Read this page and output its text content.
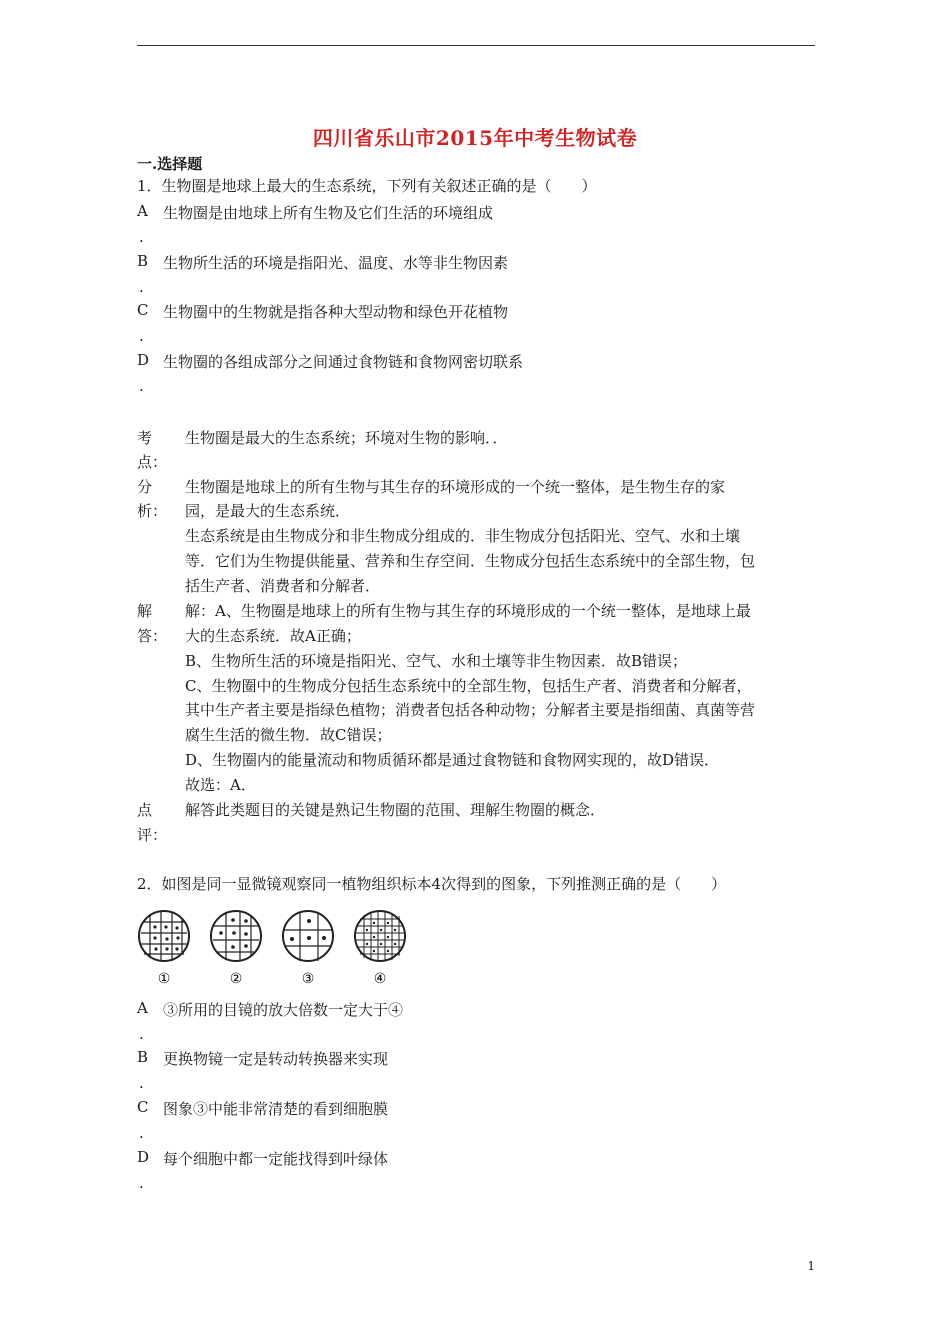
四川省乐山市2015年中考生物试卷
一.选择题
1．生物圈是地球上最大的生态系统，下列有关叙述正确的是（　　）
A 生物圈是由地球上所有生物及它们生活的环境组成
.
B 生物所生活的环境是指阳光、温度、水等非生物因素
.
C 生物圈中的生物就是指各种大型动物和绿色开花植物
.
D 生物圈的各组成部分之间通过食物链和食物网密切联系
.
考
点：
生物圈是最大的生态系统；环境对生物的影响．．
分
析：
生物圈是地球上的所有生物与其生存的环境形成的一个统一整体，是生物生存的家
园，是最大的生态系统．
生态系统是由生物成分和非生物成分组成的．非生物成分包括阳光、空气、水和土壤
等．它们为生物提供能量、营养和生存空间．生物成分包括生态系统中的全部生物，包
括生产者、消费者和分解者．
解
答：
解：A、生物圈是地球上的所有生物与其生存的环境形成的一个统一整体，是地球上最
大的生态系统．故A正确；
B、生物所生活的环境是指阳光、空气、水和土壤等非生物因素．故B错误；
C、生物圈中的生物成分包括生态系统中的全部生物，包括生产者、消费者和分解者，
其中生产者主要是指绿色植物；消费者包括各种动物；分解者主要是指细菌、真菌等营
腐生生活的微生物．故C错误；
D、生物圈内的能量流动和物质循环都是通过食物链和食物网实现的，故D错误．
故选：A．
点
评：
解答此类题目的关键是熟记生物圈的范围、理解生物圈的概念．
2．如图是同一显微镜观察同一植物组织标本4次得到的图象，下列推测正确的是（　　）
①	②	③	④
A ③所用的目镜的放大倍数一定大于④
.
B 更换物镜一定是转动转换器来实现
.
C 图象③中能非常清楚的看到细胞膜
.
D 每个细胞中都一定能找得到叶绿体
.
1
